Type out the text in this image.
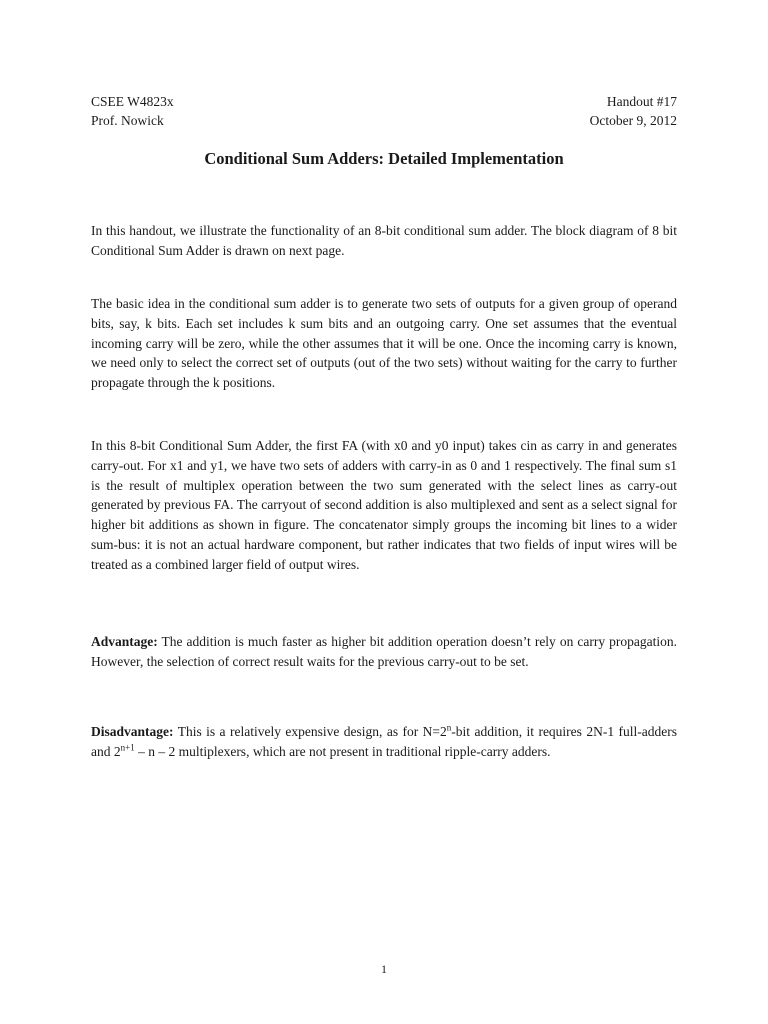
CSEE W4823x	Handout #17
Prof. Nowick	October 9, 2012
Conditional Sum Adders: Detailed Implementation

In this handout, we illustrate the functionality of an 8-bit conditional sum adder. The block diagram of 8 bit Conditional Sum Adder is drawn on next page.

The basic idea in the conditional sum adder is to generate two sets of outputs for a given group of operand bits, say, k bits. Each set includes k sum bits and an outgoing carry. One set assumes that the eventual incoming carry will be zero, while the other assumes that it will be one. Once the incoming carry is known, we need only to select the correct set of outputs (out of the two sets) without waiting for the carry to further propagate through the k positions.

In this 8-bit Conditional Sum Adder, the first FA (with x0 and y0 input) takes cin as carry in and generates carry-out. For x1 and y1, we have two sets of adders with carry-in as 0 and 1 respectively. The final sum s1 is the result of multiplex operation between the two sum generated with the select lines as carry-out generated by previous FA. The carryout of second addition is also multiplexed and sent as a select signal for higher bit additions as shown in figure. The concatenator simply groups the incoming bit lines to a wider sum-bus: it is not an actual hardware component, but rather indicates that two fields of input wires will be treated as a combined larger field of output wires.

Advantage: The addition is much faster as higher bit addition operation doesn’t rely on carry propagation. However, the selection of correct result waits for the previous carry-out to be set.

Disadvantage: This is a relatively expensive design, as for $N=2^n$-bit addition, it requires 2N-1 full-adders and $2^{n+1}$ – n – 2 multiplexers, which are not present in traditional ripple-carry adders.

1
